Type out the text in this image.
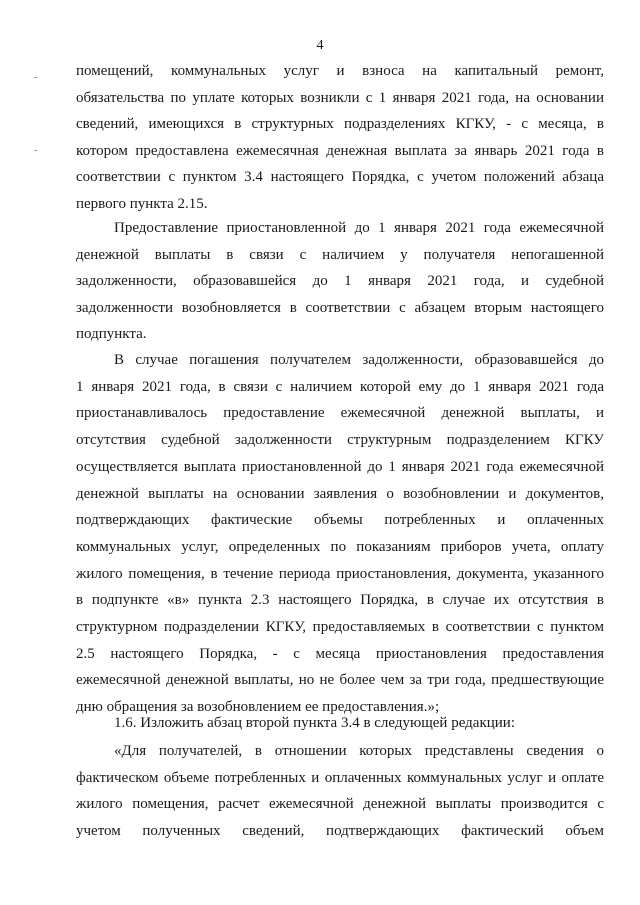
4
помещений, коммунальных услуг и взноса на капитальный ремонт,
обязательства по уплате которых возникли с 1 января 2021 года, на основании
сведений, имеющихся в структурных подразделениях КГКУ, - с месяца, в
котором предоставлена ежемесячная денежная выплата за январь 2021 года в
соответствии с пунктом 3.4 настоящего Порядка, с учетом положений абзаца
первого пункта 2.15.
Предоставление приостановленной до 1 января 2021 года ежемесячной
денежной выплаты в связи с наличием у получателя непогашенной
задолженности, образовавшейся до 1 января 2021 года, и судебной
задолженности возобновляется в соответствии с абзацем вторым настоящего
подпункта.
В случае погашения получателем задолженности, образовавшейся до
1 января 2021 года, в связи с наличием которой ему до 1 января 2021 года
приостанавливалось предоставление ежемесячной денежной выплаты, и
отсутствия судебной задолженности структурным подразделением КГКУ
осуществляется выплата приостановленной до 1 января 2021 года ежемесячной
денежной выплаты на основании заявления о возобновлении и документов,
подтверждающих фактические объемы потребленных и оплаченных
коммунальных услуг, определенных по показаниям приборов учета, оплату
жилого помещения, в течение периода приостановления, документа, указанного
в подпункте «в» пункта 2.3 настоящего Порядка, в случае их отсутствия в
структурном подразделении КГКУ, предоставляемых в соответствии с пунктом
2.5 настоящего Порядка, - с месяца приостановления предоставления
ежемесячной денежной выплаты, но не более чем за три года, предшествующие
дню обращения за возобновлением ее предоставления.»;
1.6. Изложить абзац второй пункта 3.4 в следующей редакции:
«Для получателей, в отношении которых представлены сведения о
фактическом объеме потребленных и оплаченных коммунальных услуг и оплате
жилого помещения, расчет ежемесячной денежной выплаты производится с
учетом полученных сведений, подтверждающих фактический объем
